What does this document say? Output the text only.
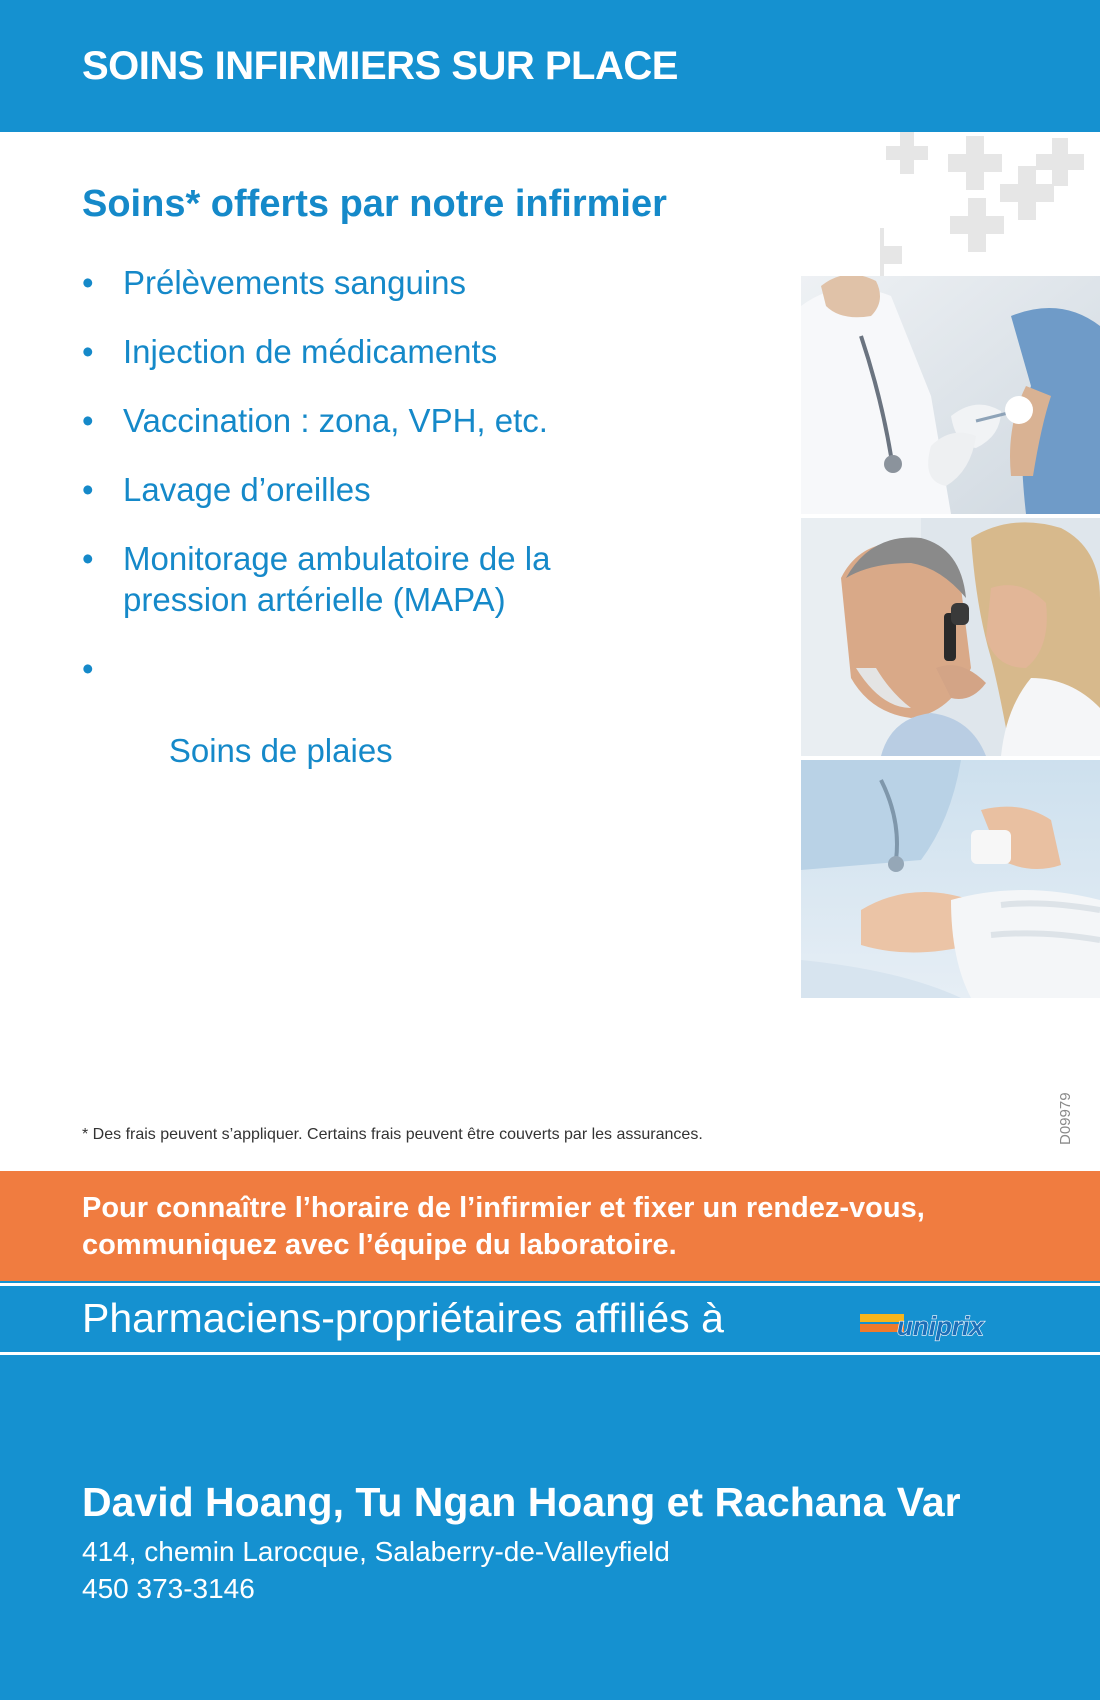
SOINS INFIRMIERS SUR PLACE
Soins* offerts par notre infirmier
• Prélèvements sanguins
• Injection de médicaments
• Vaccination : zona, VPH, etc.
• Lavage d’oreilles
• Monitorage ambulatoire de la pression artérielle (MAPA)

•

Soins de plaies

* Des frais peuvent s’appliquer. Certains frais peuvent être couverts par les assurances.	D09979
Pour connaître l’horaire de l’infirmier et fixer un rendez-vous,
communiquez avec l’équipe du laboratoire.
Pharmaciens-propriétaires affiliés à	uniprix
David Hoang, Tu Ngan Hoang et Rachana Var
414, chemin Larocque, Salaberry-de-Valleyfield
450 373-3146
